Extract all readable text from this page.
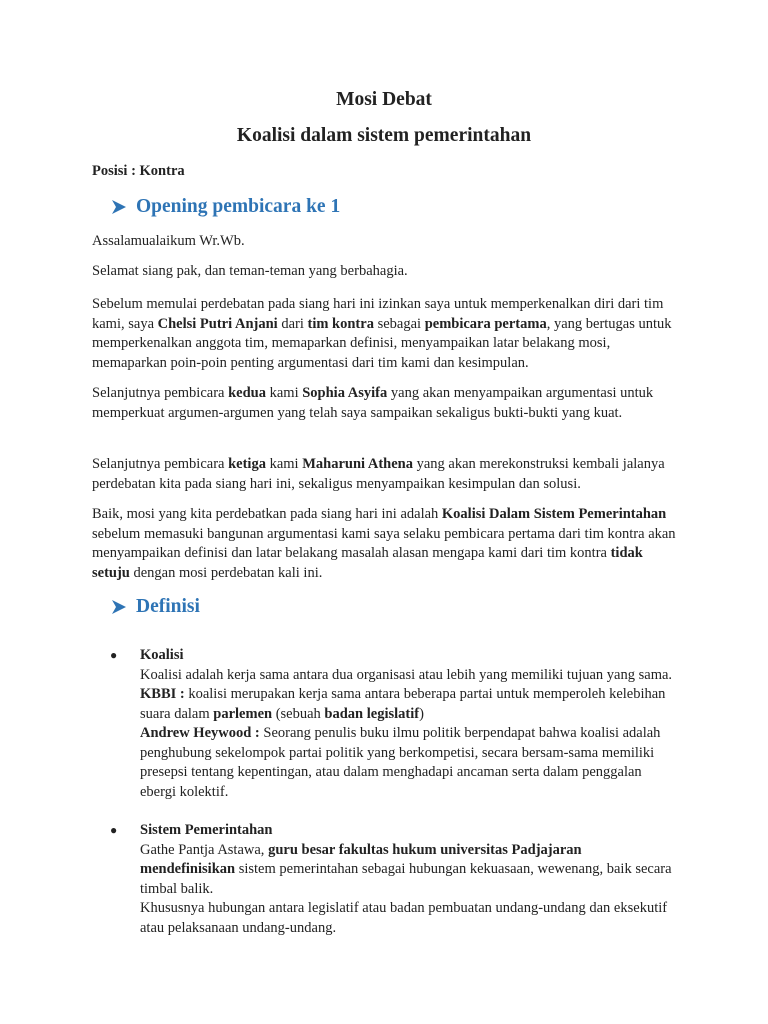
Mosi Debat
Koalisi dalam sistem pemerintahan
Posisi : Kontra
Opening pembicara ke 1

Assalamualaikum Wr.Wb.

Selamat siang pak, dan teman-teman yang berbahagia.

Sebelum memulai perdebatan pada siang hari ini izinkan saya untuk memperkenalkan diri dari tim kami, saya Chelsi Putri Anjani dari tim kontra sebagai pembicara pertama, yang bertugas untuk memperkenalkan anggota tim, memaparkan definisi, menyampaikan latar belakang mosi, memaparkan poin-poin penting argumentasi dari tim kami dan kesimpulan.

Selanjutnya pembicara kedua kami Sophia Asyifa yang akan menyampaikan argumentasi untuk memperkuat argumen-argumen yang telah saya sampaikan sekaligus bukti-bukti yang kuat.

Selanjutnya pembicara ketiga kami Maharuni Athena yang akan merekonstruksi kembali jalanya perdebatan kita pada siang hari ini, sekaligus menyampaikan kesimpulan dan solusi.

Baik, mosi yang kita perdebatkan pada siang hari ini adalah Koalisi Dalam Sistem Pemerintahan sebelum memasuki bangunan argumentasi kami saya selaku pembicara pertama dari tim kontra akan menyampaikan definisi dan latar belakang masalah alasan mengapa kami dari tim kontra tidak setuju dengan mosi perdebatan kali ini.

Definisi
● Koalisi
Koalisi adalah kerja sama antara dua organisasi atau lebih yang memiliki tujuan yang sama.
KBBI : koalisi merupakan kerja sama antara beberapa partai untuk memperoleh kelebihan suara dalam parlemen (sebuah badan legislatif)
Andrew Heywood : Seorang penulis buku ilmu politik berpendapat bahwa koalisi adalah penghubung sekelompok partai politik yang berkompetisi, secara bersam-sama memiliki presepsi tentang kepentingan, atau dalam menghadapi ancaman serta dalam penggalan ebergi kolektif.
● Sistem Pemerintahan
Gathe Pantja Astawa, guru besar fakultas hukum universitas Padjajaran mendefinisikan sistem pemerintahan sebagai hubungan kekuasaan, wewenang, baik secara timbal balik.
Khususnya hubungan antara legislatif atau badan pembuatan undang-undang dan eksekutif atau pelaksanaan undang-undang.
